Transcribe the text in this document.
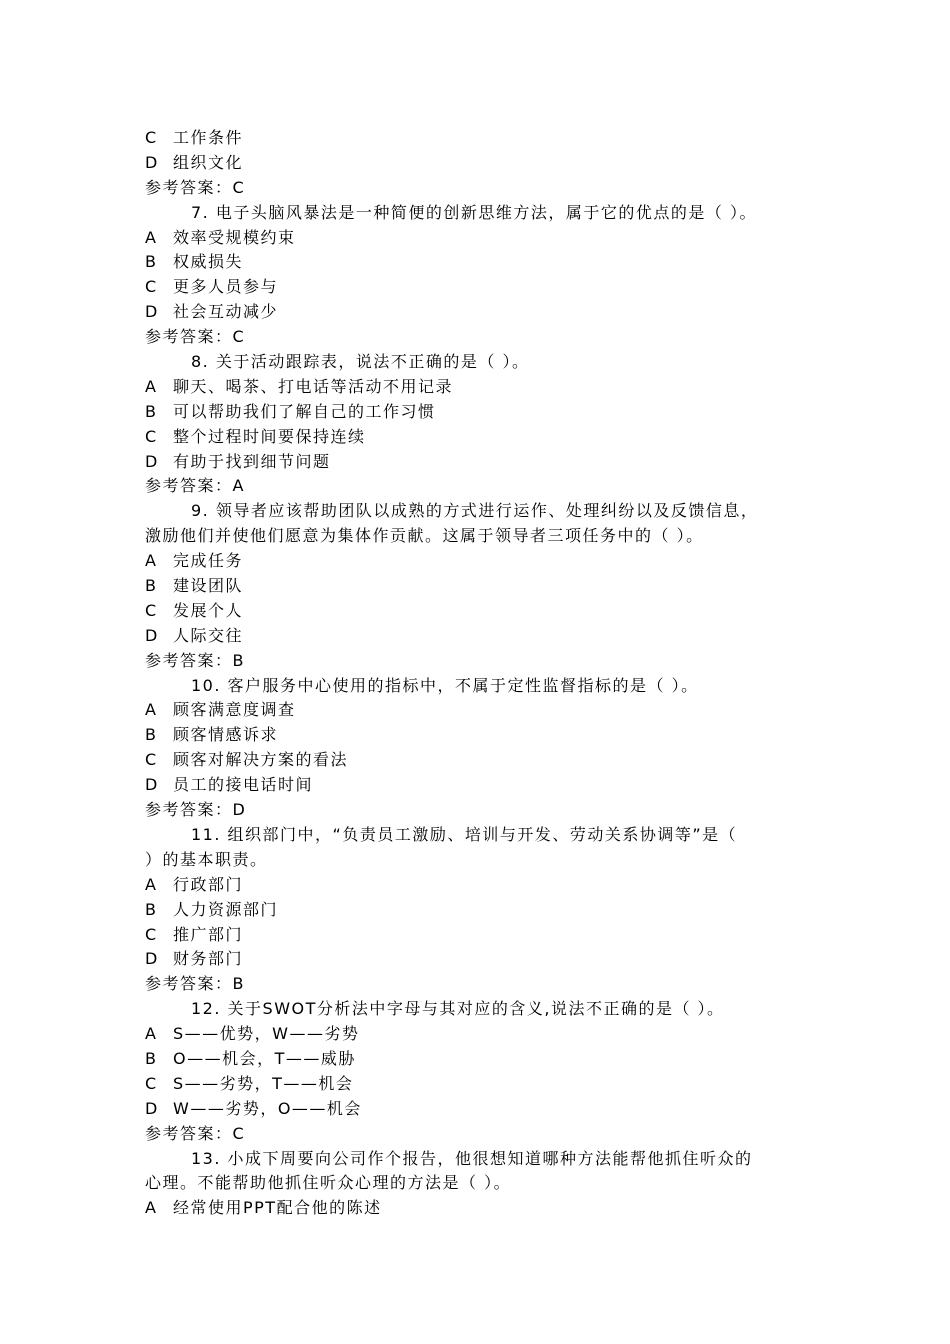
C 工作条件
D 组织文化
参考答案：C
7. 电子头脑风暴法是一种简便的创新思维方法，属于它的优点的是（ ）。
A 效率受规模约束
B 权威损失
C 更多人员参与
D 社会互动减少
参考答案：C
8. 关于活动跟踪表，说法不正确的是（ ）。
A 聊天、喝茶、打电话等活动不用记录
B 可以帮助我们了解自己的工作习惯
C 整个过程时间要保持连续
D 有助于找到细节问题
参考答案：A
9. 领导者应该帮助团队以成熟的方式进行运作、处理纠纷以及反馈信息，
激励他们并使他们愿意为集体作贡献。这属于领导者三项任务中的（ ）。
A 完成任务
B 建设团队
C 发展个人
D 人际交往
参考答案：B
10. 客户服务中心使用的指标中，不属于定性监督指标的是（ ）。
A 顾客满意度调查
B 顾客情感诉求
C 顾客对解决方案的看法
D 员工的接电话时间
参考答案：D
11. 组织部门中，“负责员工激励、培训与开发、劳动关系协调等”是（
）的基本职责。
A 行政部门
B 人力资源部门
C 推广部门
D 财务部门
参考答案：B
12. 关于SWOT分析法中字母与其对应的含义,说法不正确的是（ ）。
A S——优势，W——劣势
B O——机会，T——威胁
C S——劣势，T——机会
D W——劣势，O——机会
参考答案：C
13. 小成下周要向公司作个报告，他很想知道哪种方法能帮他抓住听众的
心理。不能帮助他抓住听众心理的方法是（ ）。
A 经常使用PPT配合他的陈述
